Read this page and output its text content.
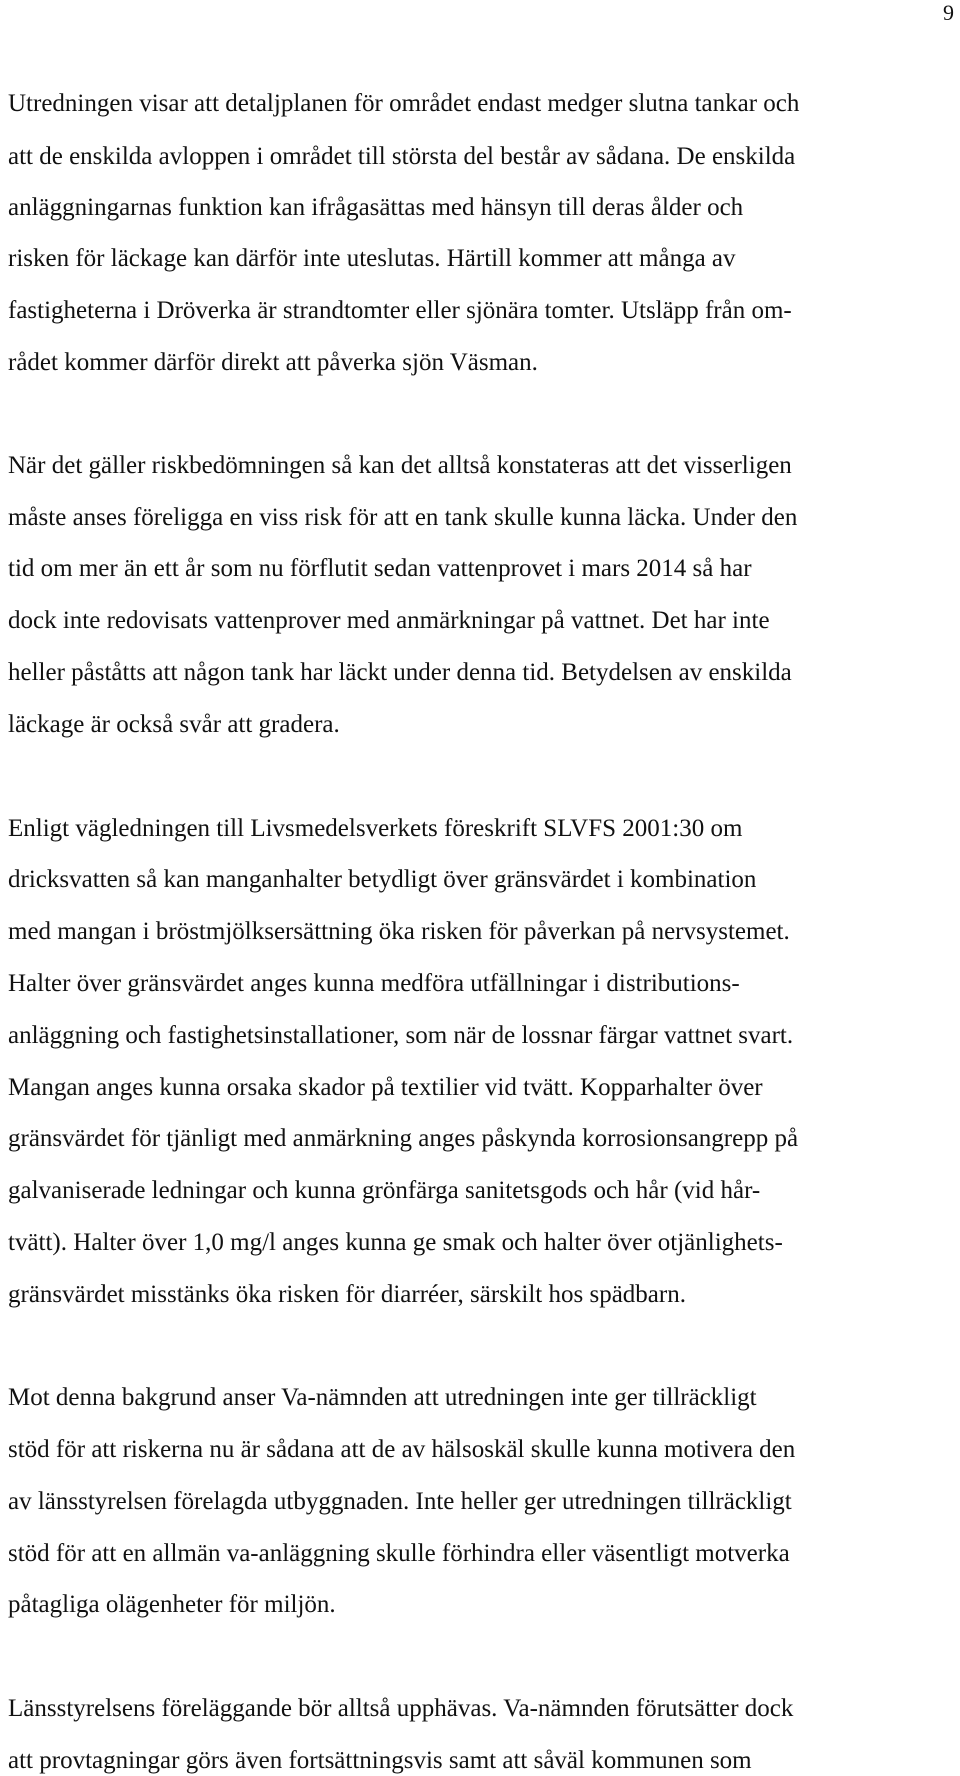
9
Utredningen visar att detaljplanen för området endast medger slutna tankar och
att de enskilda avloppen i området till största del består av sådana. De enskilda
anläggningarnas funktion kan ifrågasättas med hänsyn till deras ålder och
risken för läckage kan därför inte uteslutas. Härtill kommer att många av
fastigheterna i Dröverka är strandtomter eller sjönära tomter. Utsläpp från om-
rådet kommer därför direkt att påverka sjön Väsman.
När det gäller riskbedömningen så kan det alltså konstateras att det visserligen
måste anses föreligga en viss risk för att en tank skulle kunna läcka. Under den
tid om mer än ett år som nu förflutit sedan vattenprovet i mars 2014 så har
dock inte redovisats vattenprover med anmärkningar på vattnet. Det har inte
heller påståtts att någon tank har läckt under denna tid. Betydelsen av enskilda
läckage är också svår att gradera.
Enligt vägledningen till Livsmedelsverkets föreskrift SLVFS 2001:30 om
dricksvatten så kan manganhalter betydligt över gränsvärdet i kombination
med mangan i bröstmjölksersättning öka risken för påverkan på nervsystemet.
Halter över gränsvärdet anges kunna medföra utfällningar i distributions-
anläggning och fastighetsinstallationer, som när de lossnar färgar vattnet svart.
Mangan anges kunna orsaka skador på textilier vid tvätt. Kopparhalter över
gränsvärdet för tjänligt med anmärkning anges påskynda korrosionsangrepp på
galvaniserade ledningar och kunna grönfärga sanitetsgods och hår (vid hår-
tvätt). Halter över 1,0 mg/l anges kunna ge smak och halter över otjänlighets-
gränsvärdet misstänks öka risken för diarréer, särskilt hos spädbarn.
Mot denna bakgrund anser Va-nämnden att utredningen inte ger tillräckligt
stöd för att riskerna nu är sådana att de av hälsoskäl skulle kunna motivera den
av länsstyrelsen förelagda utbyggnaden. Inte heller ger utredningen tillräckligt
stöd för att en allmän va-anläggning skulle förhindra eller väsentligt motverka
påtagliga olägenheter för miljön.
Länsstyrelsens föreläggande bör alltså upphävas. Va-nämnden förutsätter dock
att provtagningar görs även fortsättningsvis samt att såväl kommunen som
